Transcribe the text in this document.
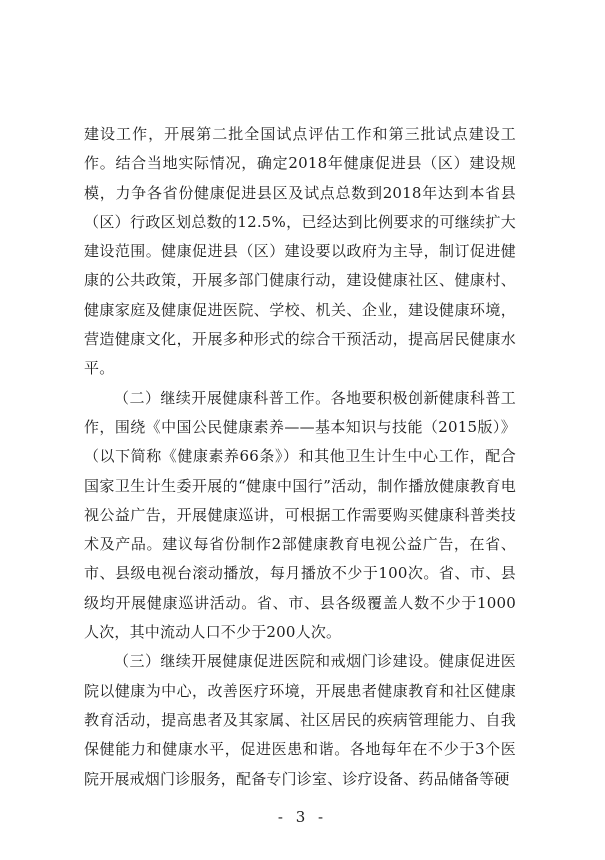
建设工作，开展第二批全国试点评估工作和第三批试点建设工作。结合当地实际情况，确定2018年健康促进县（区）建设规模，力争各省份健康促进县区及试点总数到2018年达到本省县（区）行政区划总数的12.5%，已经达到比例要求的可继续扩大建设范围。健康促进县（区）建设要以政府为主导，制订促进健康的公共政策，开展多部门健康行动，建设健康社区、健康村、健康家庭及健康促进医院、学校、机关、企业，建设健康环境，营造健康文化，开展多种形式的综合干预活动，提高居民健康水平。

（二）继续开展健康科普工作。各地要积极创新健康科普工作，围绕《中国公民健康素养——基本知识与技能（2015版）》（以下简称《健康素养66条》）和其他卫生计生中心工作，配合国家卫生计生委开展的“健康中国行”活动，制作播放健康教育电视公益广告，开展健康巡讲，可根据工作需要购买健康科普类技术及产品。建议每省份制作2部健康教育电视公益广告，在省、市、县级电视台滚动播放，每月播放不少于100次。省、市、县级均开展健康巡讲活动。省、市、县各级覆盖人数不少于1000人次，其中流动人口不少于200人次。

（三）继续开展健康促进医院和戒烟门诊建设。健康促进医院以健康为中心，改善医疗环境，开展患者健康教育和社区健康教育活动，提高患者及其家属、社区居民的疾病管理能力、自我保健能力和健康水平，促进医患和谐。各地每年在不少于3个医院开展戒烟门诊服务，配备专门诊室、诊疗设备、药品储备等硬

- 3 -
